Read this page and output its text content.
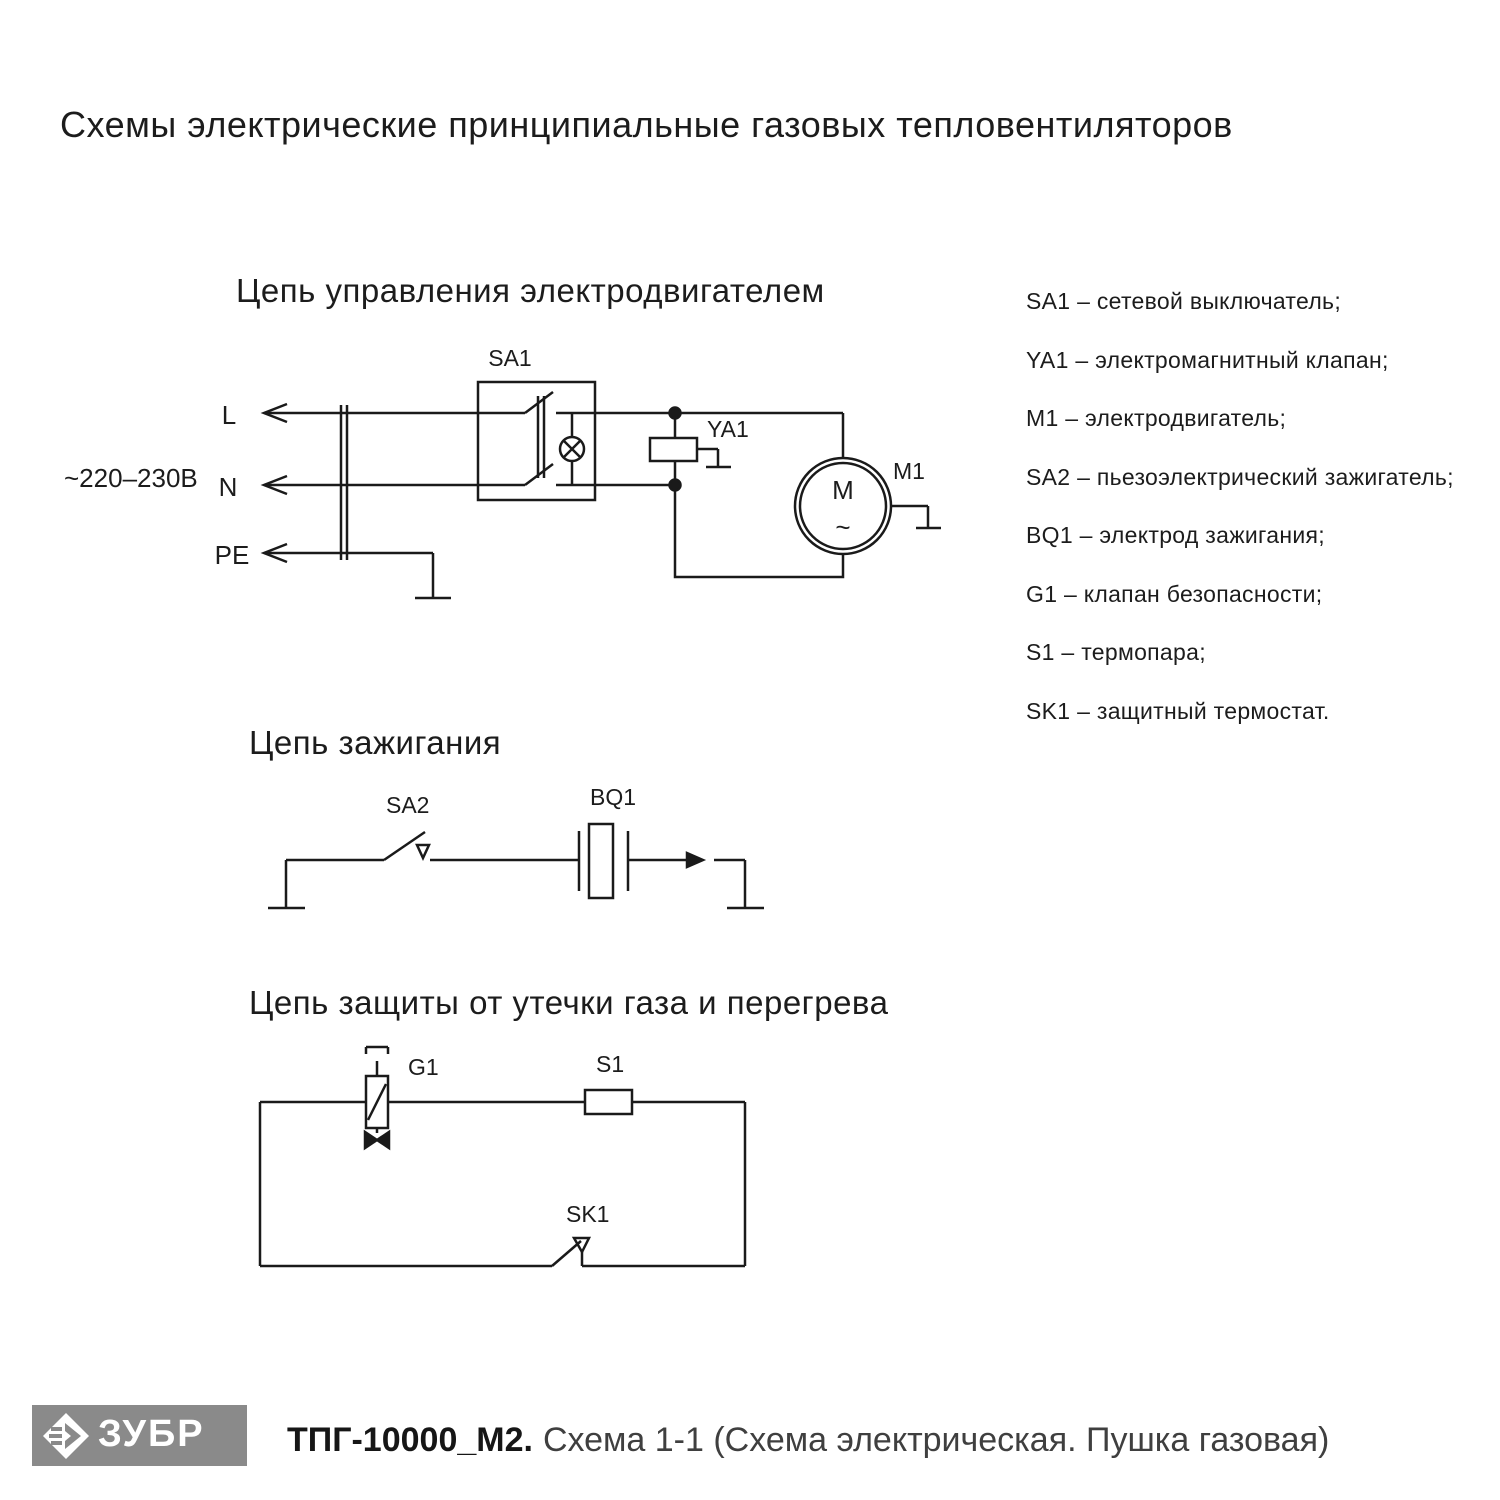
Схемы электрические принципиальные газовых тепловентиляторов
Цепь управления электродвигателем
Цепь зажигания
Цепь защиты от утечки газа и перегрева
SA1
YA1
M1
M
~
L
N
PE
~220–230В
SA2	BQ1
G1	S1
SK1
SA1 – сетевой выключатель;
YA1 – электромагнитный клапан;
M1 – электродвигатель;
SA2 – пьезоэлектрический зажигатель;
BQ1 – электрод зажигания;
G1 – клапан безопасности;
S1 – термопара;
SK1 – защитный термостат.
ЗУБР ТПГ-10000_М2. Схема 1-1 (Схема электрическая. Пушка газовая)
